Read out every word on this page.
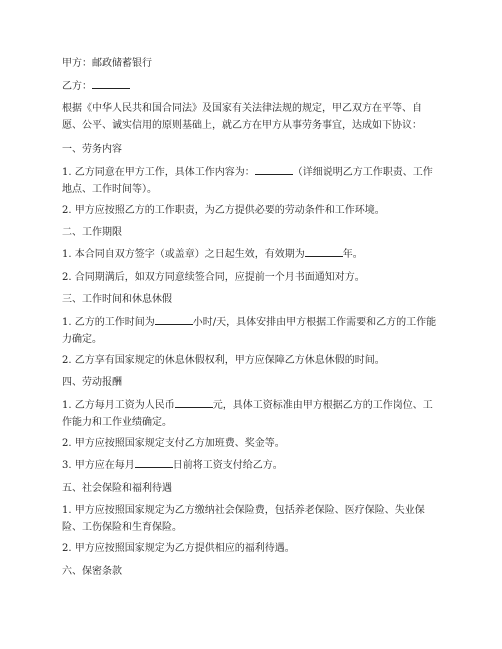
甲方：邮政储蓄银行

乙方：

根据《中华人民共和国合同法》及国家有关法律法规的规定，甲乙双方在平等、自愿、公平、诚实信用的原则基础上，就乙方在甲方从事劳务事宜，达成如下协议：

一、劳务内容

1. 乙方同意在甲方工作，具体工作内容为：	（详细说明乙方工作职责、工作地点、工作时间等）。

2. 甲方应按照乙方的工作职责，为乙方提供必要的劳动条件和工作环境。

二、工作期限

1. 本合同自双方签字（或盖章）之日起生效，有效期为	年。

2. 合同期满后，如双方同意续签合同，应提前一个月书面通知对方。

三、工作时间和休息休假

1. 乙方的工作时间为	小时/天，具体安排由甲方根据工作需要和乙方的工作能力确定。

2. 乙方享有国家规定的休息休假权利，甲方应保障乙方休息休假的时间。

四、劳动报酬

1. 乙方每月工资为人民币	元，具体工资标准由甲方根据乙方的工作岗位、工作能力和工作业绩确定。

2. 甲方应按照国家规定支付乙方加班费、奖金等。

3. 甲方应在每月	日前将工资支付给乙方。

五、社会保险和福利待遇

1. 甲方应按照国家规定为乙方缴纳社会保险费，包括养老保险、医疗保险、失业保险、工伤保险和生育保险。

2. 甲方应按照国家规定为乙方提供相应的福利待遇。

六、保密条款
